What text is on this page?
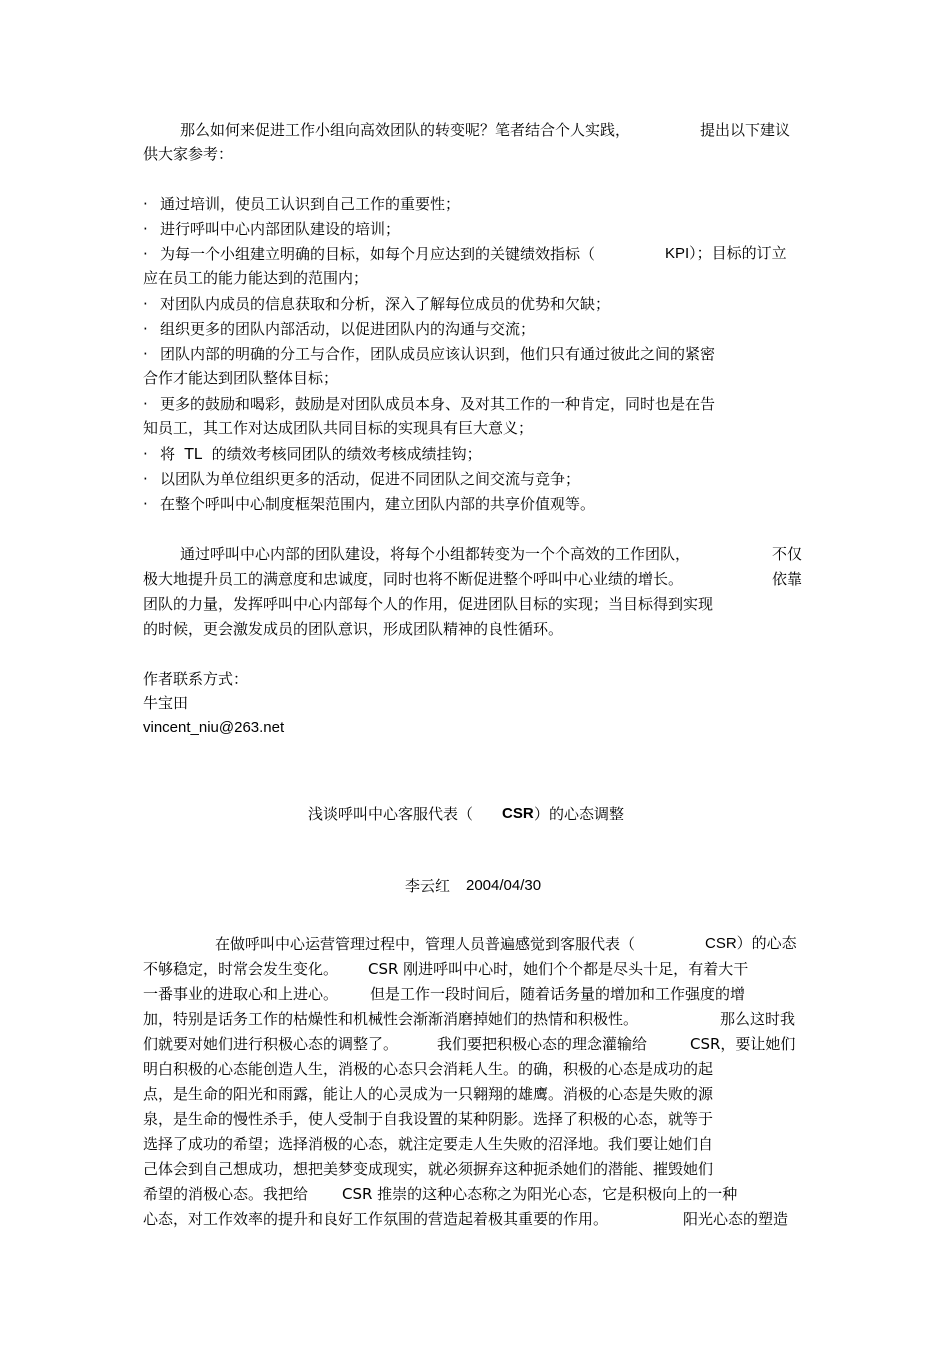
那么如何来促进工作小组向高效团队的转变呢？笔者结合个人实践，	提出以下建议
供大家参考：
· 通过培训，使员工认识到自己工作的重要性；
· 进行呼叫中心内部团队建设的培训；
· 为每一个小组建立明确的目标，如每个月应达到的关键绩效指标（	KPI）；目标的订立
应在员工的能力能达到的范围内；
· 对团队内成员的信息获取和分析，深入了解每位成员的优势和欠缺；
· 组织更多的团队内部活动，以促进团队内的沟通与交流；
· 团队内部的明确的分工与合作，团队成员应该认识到，他们只有通过彼此之间的紧密
合作才能达到团队整体目标；
· 更多的鼓励和喝彩，鼓励是对团队成员本身、及对其工作的一种肯定，同时也是在告
知员工，其工作对达成团队共同目标的实现具有巨大意义；
· 将  TL  的绩效考核同团队的绩效考核成绩挂钩；
· 以团队为单位组织更多的活动，促进不同团队之间交流与竞争；
· 在整个呼叫中心制度框架范围内，建立团队内部的共享价值观等。
通过呼叫中心内部的团队建设，将每个小组都转变为一个个高效的工作团队，	不仅
极大地提升员工的满意度和忠诚度，同时也将不断促进整个呼叫中心业绩的增长。	依靠
团队的力量，发挥呼叫中心内部每个人的作用，促进团队目标的实现；当目标得到实现
的时候，更会激发成员的团队意识，形成团队精神的良性循环。
作者联系方式：
牛宝田
vincent_niu@263.net
浅谈呼叫中心客服代表（ CSR ）的心态调整
李云红 2004/04/30
在做呼叫中心运营管理过程中，管理人员普遍感觉到客服代表（	CSR）的心态
不够稳定，时常会发生变化。 CSR 刚进呼叫中心时，她们个个都是尽头十足，有着大干
一番事业的进取心和上进心。 但是工作一段时间后，随着话务量的增加和工作强度的增
加，特别是话务工作的枯燥性和机械性会渐渐消磨掉她们的热情和积极性。	那么这时我
们就要对她们进行积极心态的调整了。	我们要把积极心态的理念灌输给	CSR，要让她们
明白积极的心态能创造人生，消极的心态只会消耗人生。的确，积极的心态是成功的起
点，是生命的阳光和雨露，能让人的心灵成为一只翱翔的雄鹰。消极的心态是失败的源
泉，是生命的慢性杀手，使人受制于自我设置的某种阴影。选择了积极的心态，就等于
选择了成功的希望；选择消极的心态，就注定要走人生失败的沼泽地。我们要让她们自
己体会到自己想成功，想把美梦变成现实，就必须摒弃这种扼杀她们的潜能、摧毁她们
希望的消极心态。我把给 CSR 推崇的这种心态称之为阳光心态，它是积极向上的一种
心态，对工作效率的提升和良好工作氛围的营造起着极其重要的作用。	阳光心态的塑造
